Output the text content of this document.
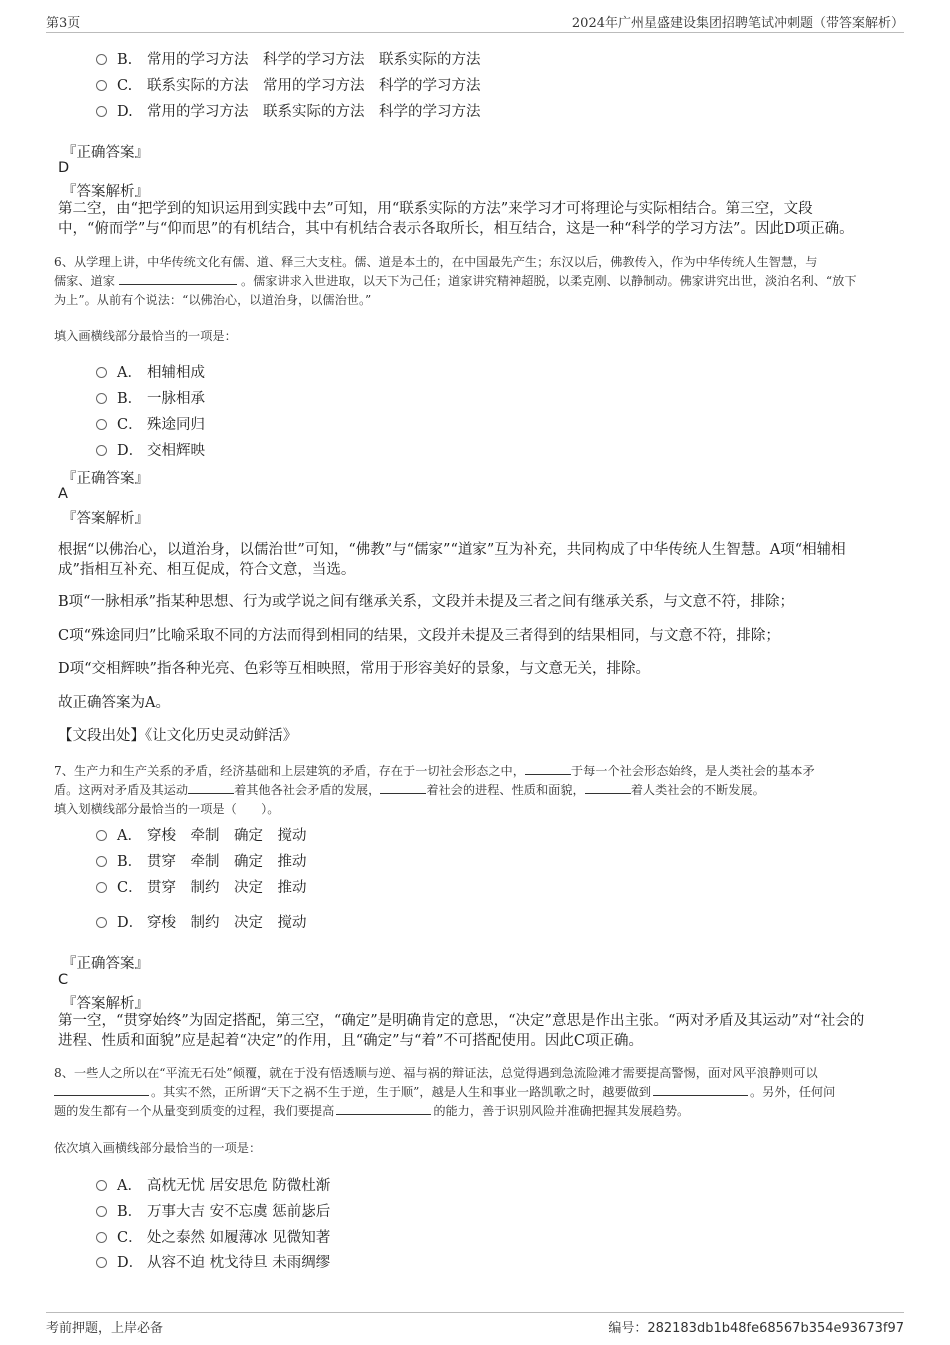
第3页	2024年广州星盛建设集团招聘笔试冲刺题（带答案解析）
B. 常用的学习方法　科学的学习方法　联系实际的方法
C. 联系实际的方法　常用的学习方法　科学的学习方法
D. 常用的学习方法　联系实际的方法　科学的学习方法
『正确答案』
D
『答案解析』
第二空，由“把学到的知识运用到实践中去”可知，用“联系实际的方法”来学习才可将理论与实际相结合。第三空，文段
中，“俯而学”与“仰而思”的有机结合，其中有机结合表示各取所长，相互结合，这是一种“科学的学习方法”。因此D项正确。
6、从学理上讲，中华传统文化有儒、道、释三大支柱。儒、道是本土的，在中国最先产生；东汉以后，佛教传入，作为中华传统人生智慧，与
儒家、道家	。儒家讲求入世进取，以天下为己任；道家讲究精神超脱，以柔克刚、以静制动。佛家讲究出世，淡泊名利、“放下
为上”。从前有个说法：“以佛治心，以道治身，以儒治世。”
填入画横线部分最恰当的一项是：
A． 相辅相成
B． 一脉相承
C． 殊途同归
D． 交相辉映
『正确答案』
A
『答案解析』
根据“以佛治心，以道治身，以儒治世”可知，“佛教”与“儒家”“道家”互为补充，共同构成了中华传统人生智慧。A项“相辅相
成”指相互补充、相互促成，符合文意，当选。
B项“一脉相承”指某种思想、行为或学说之间有继承关系，文段并未提及三者之间有继承关系，与文意不符，排除；
C项“殊途同归”比喻采取不同的方法而得到相同的结果，文段并未提及三者得到的结果相同，与文意不符，排除；
D项“交相辉映”指各种光亮、色彩等互相映照，常用于形容美好的景象，与文意无关，排除。
故正确答案为A。
【文段出处】《让文化历史灵动鲜活》
7、生产力和生产关系的矛盾，经济基础和上层建筑的矛盾，存在于一切社会形态之中，	于每一个社会形态始终，是人类社会的基本矛
盾。这两对矛盾及其运动	着其他各社会矛盾的发展，	着社会的进程、性质和面貌，	着人类社会的不断发展。
填入划横线部分最恰当的一项是（　　）。
A． 穿梭　牵制　确定　搅动
B． 贯穿　牵制　确定　推动
C． 贯穿　制约　决定　推动
D． 穿梭　制约　决定　搅动
『正确答案』
C
『答案解析』
第一空，“贯穿始终”为固定搭配，第三空，“确定”是明确肯定的意思，“决定”意思是作出主张。“两对矛盾及其运动”对“社会的
进程、性质和面貌”应是起着“决定”的作用，且“确定”与“着”不可搭配使用。因此C项正确。
8、一些人之所以在“平流无石处”倾覆，就在于没有悟透顺与逆、福与祸的辩证法，总觉得遇到急流险滩才需要提高警惕，面对风平浪静则可以
。其实不然，正所谓“天下之祸不生于逆，生于顺”，越是人生和事业一路凯歌之时，越要做到	。另外，任何问
题的发生都有一个从量变到质变的过程，我们要提高	的能力，善于识别风险并准确把握其发展趋势。
依次填入画横线部分最恰当的一项是：
A． 高枕无忧 居安思危 防微杜渐
B． 万事大吉 安不忘虞 惩前毖后
C． 处之泰然 如履薄冰 见微知著
D． 从容不迫 枕戈待旦 未雨绸缪
考前押题，上岸必备	编号：282183db1b48fe68567b354e93673f97
